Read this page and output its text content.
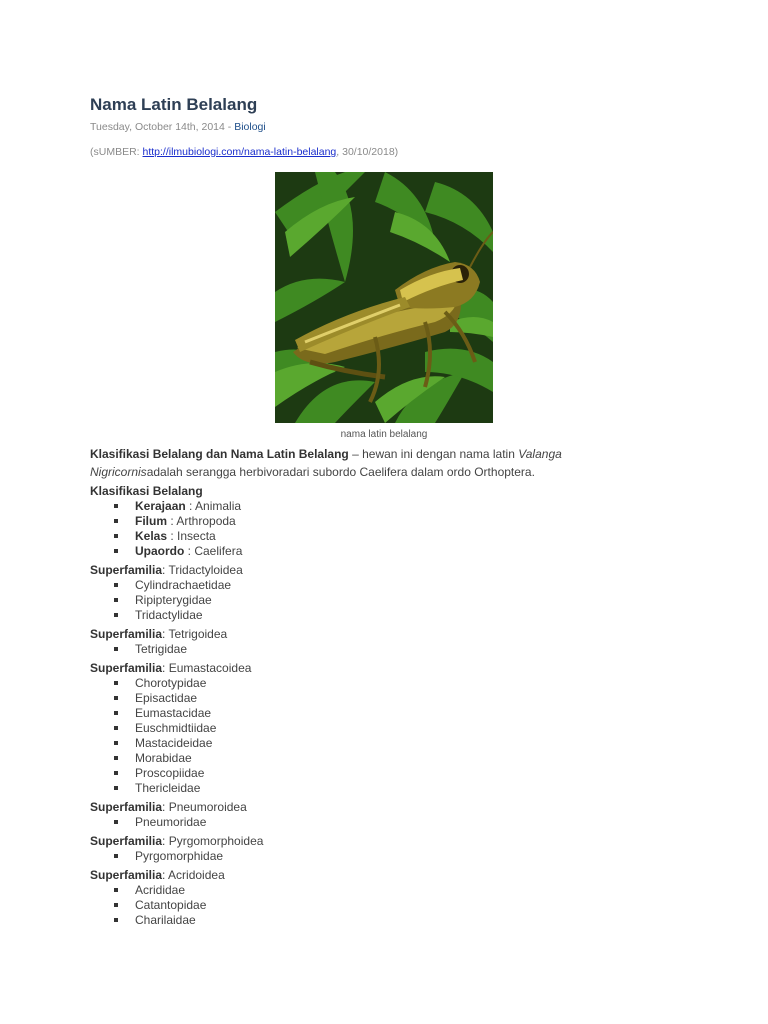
Nama Latin Belalang
Tuesday, October 14th, 2014 - Biologi
(sUMBER: http://ilmubiologi.com/nama-latin-belalang, 30/10/2018)
nama latin belalang

Klasifikasi Belalang dan Nama Latin Belalang – hewan ini dengan nama latin Valanga Nigricornisadalah serangga herbivoradari subordo Caelifera dalam ordo Orthoptera.

Klasifikasi Belalang

Kerajaan : Animalia
Filum : Arthropoda
Kelas : Insecta
Upaordo : Caelifera

Superfamilia: Tridactyloidea

Cylindrachaetidae
Ripipterygidae
Tridactylidae

Superfamilia: Tetrigoidea

Tetrigidae

Superfamilia: Eumastacoidea

Chorotypidae
Episactidae
Eumastacidae
Euschmidtiidae
Mastacideidae
Morabidae
Proscopiidae
Thericleidae

Superfamilia: Pneumoroidea

Pneumoridae

Superfamilia: Pyrgomorphoidea

Pyrgomorphidae

Superfamilia: Acridoidea

Acrididae
Catantopidae
Charilaidae
